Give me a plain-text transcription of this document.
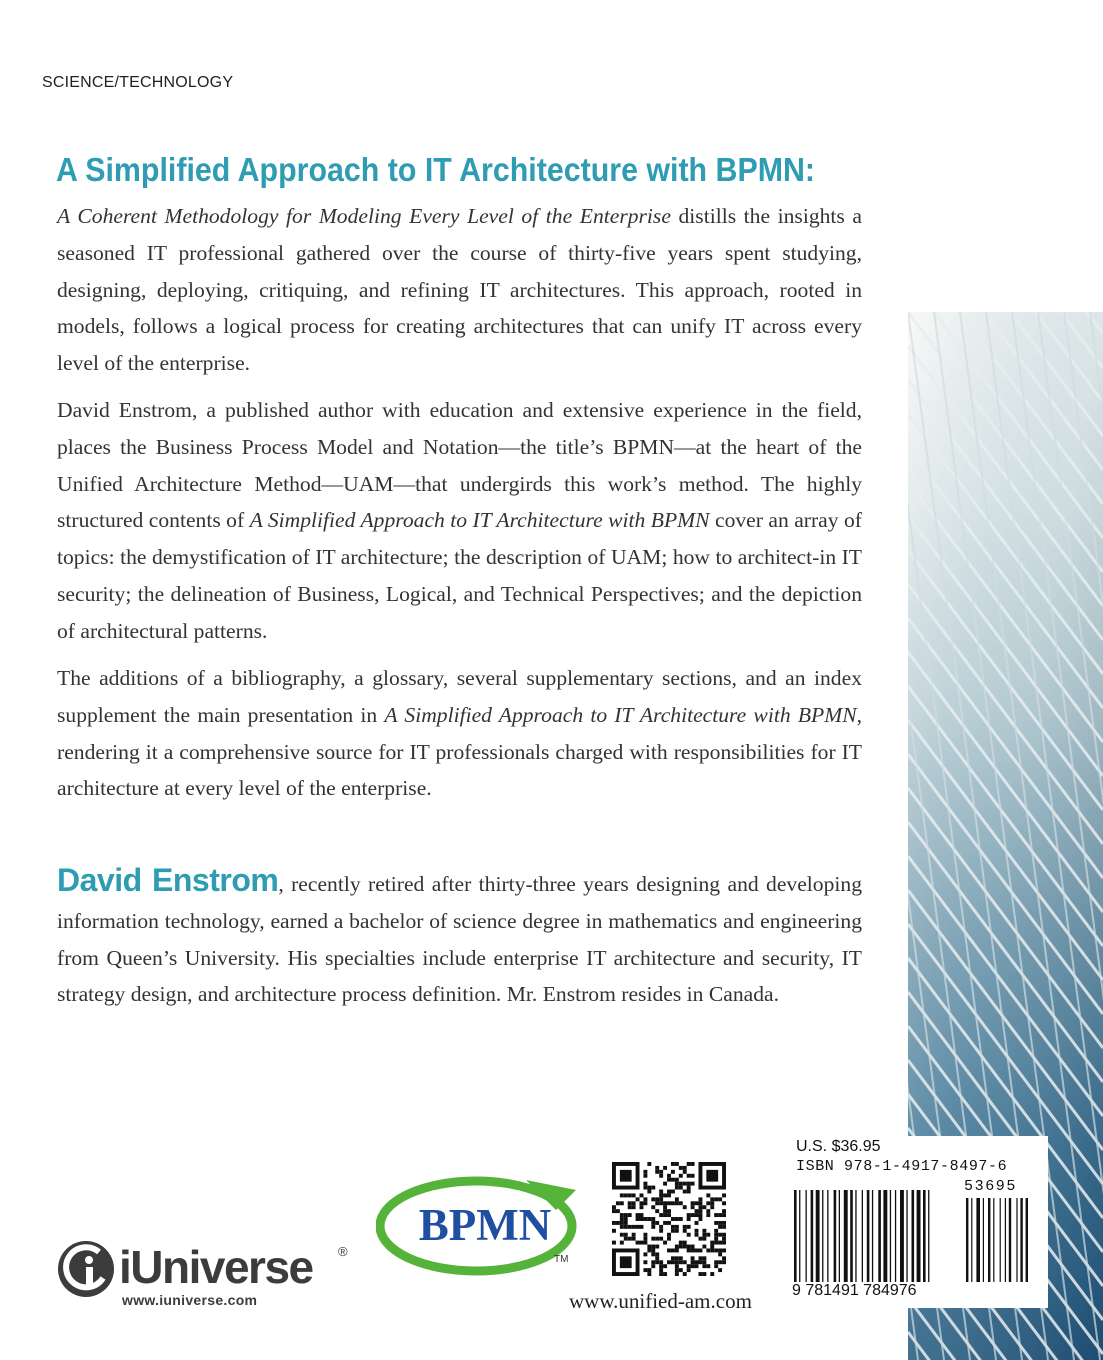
SCIENCE/TECHNOLOGY
A Simplified Approach to IT Architecture with BPMN:

A Coherent Methodology for Modeling Every Level of the Enterprise distills the insights a seasoned IT professional gathered over the course of thirty-five years spent studying, designing, deploying, critiquing, and refining IT architectures. This approach, rooted in models, follows a logical process for creating architectures that can unify IT across every level of the enterprise.

David Enstrom, a published author with education and extensive experience in the field, places the Business Process Model and Notation—the title’s BPMN—at the heart of the Unified Architecture Method—UAM—that undergirds this work’s method. The highly structured contents of A Simplified Approach to IT Architecture with BPMN cover an array of topics: the demystification of IT architecture; the description of UAM; how to architect-in IT security; the delineation of Business, Logical, and Technical Perspectives; and the depiction of architectural patterns.

The additions of a bibliography, a glossary, several supplementary sections, and an index supplement the main presentation in A Simplified Approach to IT Architecture with BPMN, rendering it a comprehensive source for IT professionals charged with responsibilities for IT architecture at every level of the enterprise.

David Enstrom, recently retired after thirty-three years designing and developing information technology, earned a bachelor of science degree in mathematics and engineering from Queen’s University. His specialties include enterprise IT architecture and security, IT strategy design, and architecture process definition. Mr. Enstrom resides in Canada.

U.S. $36.95
ISBN 978-1-4917-8497-6
53695
9 781491 784976
iUniverse ®
www.iuniverse.com
BPMN
TM
www.unified-am.com
